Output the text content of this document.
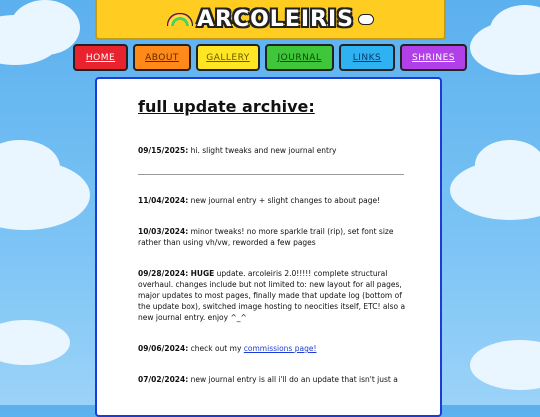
ARCOLEIRIS
HOME	ABOUT	GALLERY	JOURNAL	LINKS	SHRINES
full update archive:

09/15/2025: hi. slight tweaks and new journal entry

11/04/2024: new journal entry + slight changes to about page!

10/03/2024: minor tweaks! no more sparkle trail (rip), set font size rather than using vh/vw, reworded a few pages

09/28/2024: HUGE update. arcoleiris 2.0!!!!! complete structural overhaul. changes include but not limited to: new layout for all pages, major updates to most pages, finally made that update log (bottom of the update box), switched image hosting to neocities itself, ETC! also a new journal entry. enjoy ^_^

09/06/2024: check out my commissions page!

07/02/2024: new journal entry is all i'll do an update that isn't just a
